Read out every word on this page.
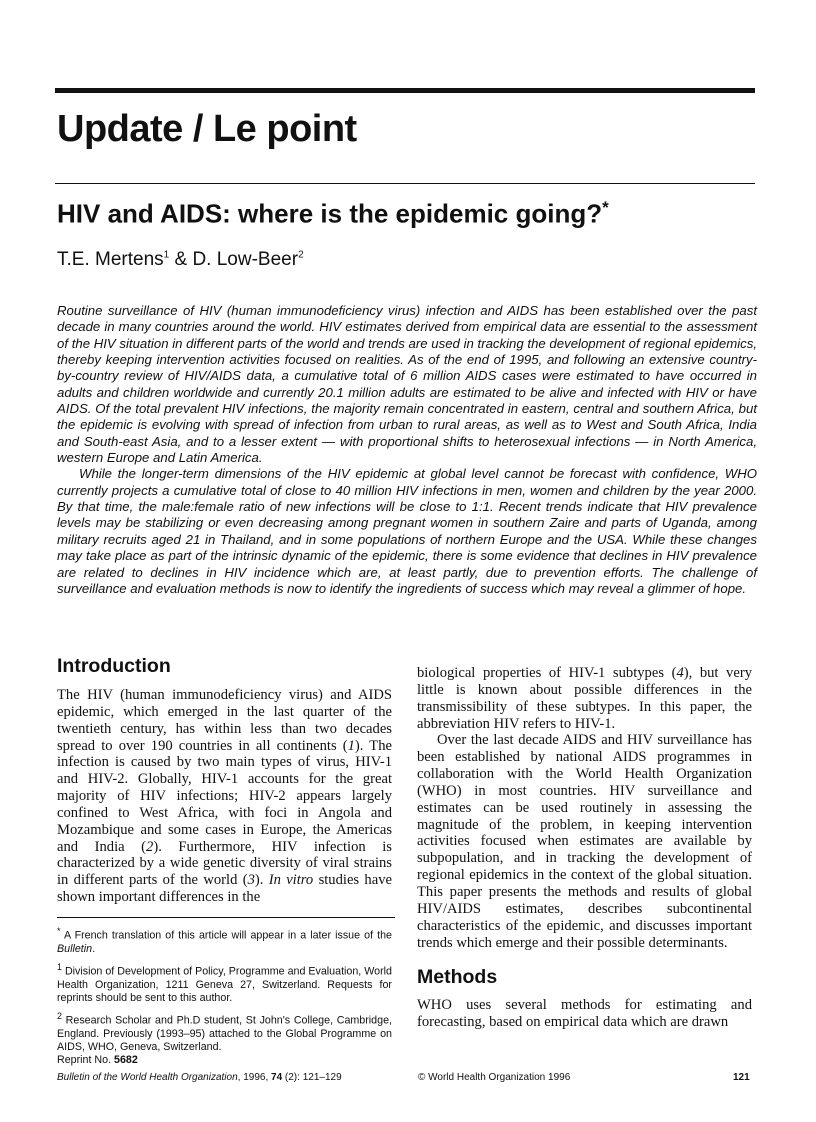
Update / Le point
HIV and AIDS: where is the epidemic going?*
T.E. Mertens$^1$ & D. Low-Beer$^2$

Routine surveillance of HIV (human immunodeficiency virus) infection and AIDS has been established over the past decade in many countries around the world. HIV estimates derived from empirical data are essential to the assessment of the HIV situation in different parts of the world and trends are used in tracking the development of regional epidemics, thereby keeping intervention activities focused on realities. As of the end of 1995, and following an extensive country-by-country review of HIV/AIDS data, a cumulative total of 6 million AIDS cases were estimated to have occurred in adults and children worldwide and currently 20.1 million adults are estimated to be alive and infected with HIV or have AIDS. Of the total prevalent HIV infections, the majority remain concentrated in eastern, central and southern Africa, but the epidemic is evolving with spread of infection from urban to rural areas, as well as to West and South Africa, India and South-east Asia, and to a lesser extent — with proportional shifts to heterosexual infections — in North America, western Europe and Latin America.

While the longer-term dimensions of the HIV epidemic at global level cannot be forecast with confidence, WHO currently projects a cumulative total of close to 40 million HIV infections in men, women and children by the year 2000. By that time, the male:female ratio of new infections will be close to 1:1. Recent trends indicate that HIV prevalence levels may be stabilizing or even decreasing among pregnant women in southern Zaire and parts of Uganda, among military recruits aged 21 in Thailand, and in some populations of northern Europe and the USA. While these changes may take place as part of the intrinsic dynamic of the epidemic, there is some evidence that declines in HIV prevalence are related to declines in HIV incidence which are, at least partly, due to prevention efforts. The challenge of surveillance and evaluation methods is now to identify the ingredients of success which may reveal a glimmer of hope.

Introduction

The HIV (human immunodeficiency virus) and AIDS epidemic, which emerged in the last quarter of the twentieth century, has within less than two decades spread to over 190 countries in all continents (1). The infection is caused by two main types of virus, HIV-1 and HIV-2. Globally, HIV-1 accounts for the great majority of HIV infections; HIV-2 appears largely confined to West Africa, with foci in Angola and Mozambique and some cases in Europe, the Americas and India (2). Furthermore, HIV infection is characterized by a wide genetic diversity of viral strains in different parts of the world (3). In vitro studies have shown important differences in the

* A French translation of this article will appear in a later issue of the Bulletin.

$^1$ Division of Development of Policy, Programme and Evaluation, World Health Organization, 1211 Geneva 27, Switzerland. Requests for reprints should be sent to this author.

$^2$ Research Scholar and Ph.D student, St John's College, Cambridge, England. Previously (1993–95) attached to the Global Programme on AIDS, WHO, Geneva, Switzerland.

Reprint No. 5682

biological properties of HIV-1 subtypes (4), but very little is known about possible differences in the transmissibility of these subtypes. In this paper, the abbreviation HIV refers to HIV-1.

Over the last decade AIDS and HIV surveillance has been established by national AIDS programmes in collaboration with the World Health Organization (WHO) in most countries. HIV surveillance and estimates can be used routinely in assessing the magnitude of the problem, in keeping intervention activities focused when estimates are available by subpopulation, and in tracking the development of regional epidemics in the context of the global situation. This paper presents the methods and results of global HIV/AIDS estimates, describes subcontinental characteristics of the epidemic, and discusses important trends which emerge and their possible determinants.

Methods

WHO uses several methods for estimating and forecasting, based on empirical data which are drawn

Bulletin of the World Health Organization, 1996, 74 (2): 121–129	© World Health Organization 1996	121
